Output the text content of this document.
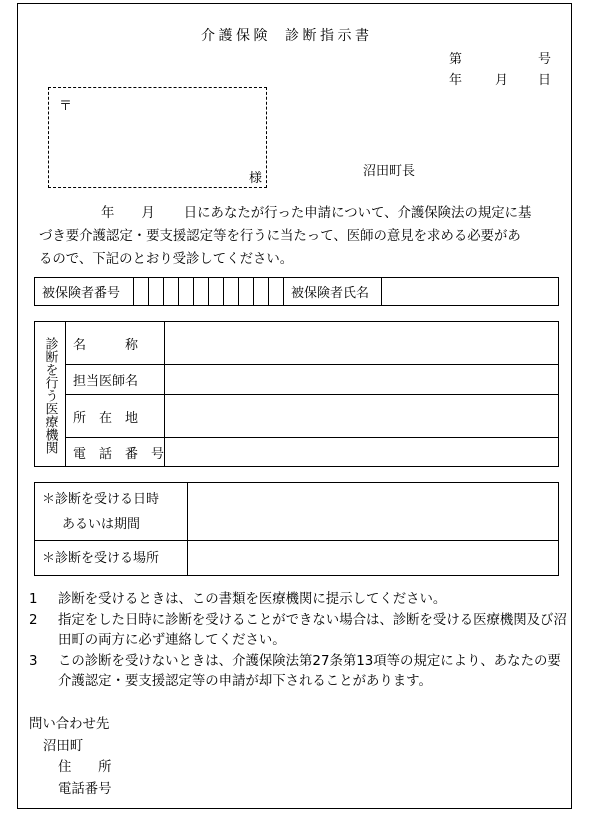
介護保険 診断指示書
第	号
年	月 日
〒
様	沼田町長
年 月 日にあなたが行った申請について、介護保険法の規定に基
づき要介護認定・要支援認定等を行うに当たって、医師の意見を求める必要があ
るので、下記のとおり受診してください。
被保険者番号											被保険者氏名	
診断を行う医療機関	名　　　称	
	担当医師名	
	所　在　地	
	電　話　番　号	
＊診断を受ける日時
あるいは期間	

＊診断を受ける場所	
1 診断を受けるときは、この書類を医療機関に提示してください。
2 指定をした日時に診断を受けることができない場合は、診断を受ける医療機関及び沼田町の両方に必ず連絡してください。
3 この診断を受けないときは、介護保険法第27条第13項等の規定により、あなたの要介護認定・要支援認定等の申請が却下されることがあります。
問い合わせ先
沼田町
住　　所
電話番号
